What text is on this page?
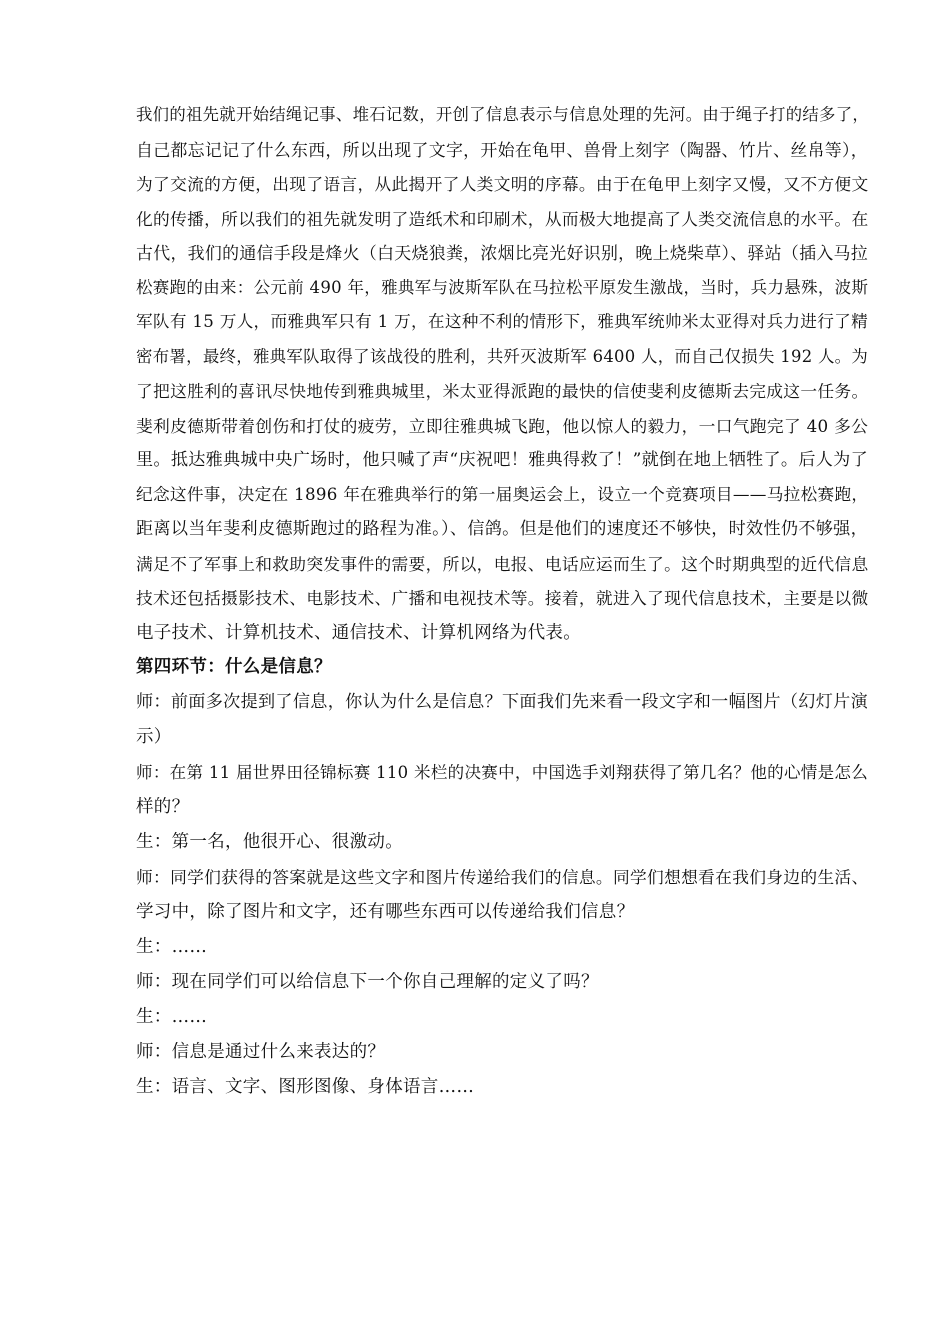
我们的祖先就开始结绳记事、堆石记数，开创了信息表示与信息处理的先河。由于绳子打的结多了，
自己都忘记记了什么东西，所以出现了文字，开始在龟甲、兽骨上刻字（陶器、竹片、丝帛等），
为了交流的方便，出现了语言，从此揭开了人类文明的序幕。由于在龟甲上刻字又慢，又不方便文
化的传播，所以我们的祖先就发明了造纸术和印刷术，从而极大地提高了人类交流信息的水平。在
古代，我们的通信手段是烽火（白天烧狼粪，浓烟比亮光好识别，晚上烧柴草）、驿站（插入马拉
松赛跑的由来：公元前 490 年，雅典军与波斯军队在马拉松平原发生激战，当时，兵力悬殊，波斯
军队有 15 万人，而雅典军只有 1 万，在这种不利的情形下，雅典军统帅米太亚得对兵力进行了精
密布署，最终，雅典军队取得了该战役的胜利，共歼灭波斯军 6400 人，而自己仅损失 192 人。为
了把这胜利的喜讯尽快地传到雅典城里，米太亚得派跑的最快的信使斐利皮德斯去完成这一任务。
斐利皮德斯带着创伤和打仗的疲劳，立即往雅典城飞跑，他以惊人的毅力，一口气跑完了 40 多公
里。抵达雅典城中央广场时，他只喊了声“庆祝吧！雅典得救了！”就倒在地上牺牲了。后人为了
纪念这件事，决定在 1896 年在雅典举行的第一届奥运会上，设立一个竞赛项目——马拉松赛跑，
距离以当年斐利皮德斯跑过的路程为准。）、信鸽。但是他们的速度还不够快，时效性仍不够强，
满足不了军事上和救助突发事件的需要，所以，电报、电话应运而生了。这个时期典型的近代信息
技术还包括摄影技术、电影技术、广播和电视技术等。接着，就进入了现代信息技术，主要是以微
电子技术、计算机技术、通信技术、计算机网络为代表。
第四环节：什么是信息？
师：前面多次提到了信息，你认为什么是信息？下面我们先来看一段文字和一幅图片（幻灯片演
示）
师：在第 11 届世界田径锦标赛 110 米栏的决赛中，中国选手刘翔获得了第几名？他的心情是怎么
样的？
生：第一名，他很开心、很激动。
师：同学们获得的答案就是这些文字和图片传递给我们的信息。同学们想想看在我们身边的生活、
学习中，除了图片和文字，还有哪些东西可以传递给我们信息？
生：……
师：现在同学们可以给信息下一个你自己理解的定义了吗？
生：……
师：信息是通过什么来表达的？
生：语言、文字、图形图像、身体语言……
